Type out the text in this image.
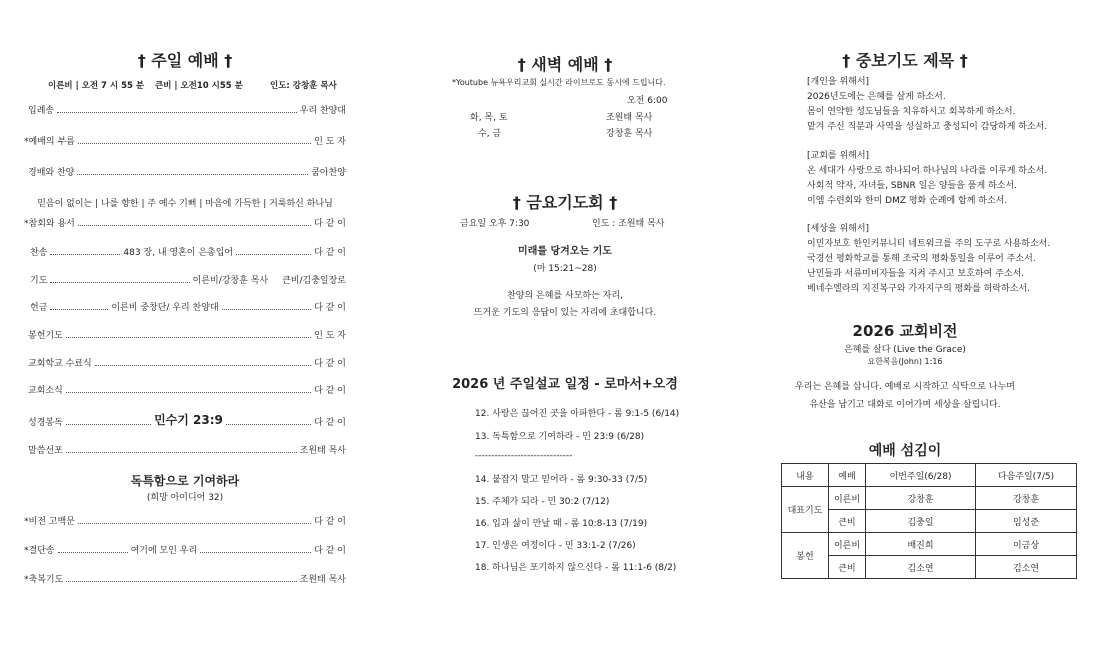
† 주일 예배 †
이른비 | 오전 7 시 55 분 큰비 | 오전10 시55 분	인도: 강창훈 목사
입례송	우리 찬양대
*예배의 부름	인 도 자
경배와 찬양	쿰아찬양
믿음이 없이는 | 나를 향한 | 주 예수 기뻐 | 마음에 가득한 | 거룩하신 하나님
*참회와 용서	다 같 이
찬송	483 장, 내 영혼이 은총입어	다 같 이
기도	이른비/강창훈 목사 큰비/김충일장로
헌금	이른비 중창단/ 우리 찬양대	다 같 이
봉헌기도	인 도 자
교회학교 수료식	다 같 이
교회소식	다 같 이
성경봉독	민수기 23:9	다 같 이
말씀선포	조원태 목사
독특함으로 기여하라
(희망 아이디어 32)
*비전 고백문	다 같 이
*결단송	여기에 모인 우리	다 같 이
*축복기도	조원태 목사
† 새벽 예배 †
*Youtube 뉴욕우리교회 실시간 라이브로도 동시에 드립니다.
오전 6:00
화, 목, 토	조원태 목사
수, 금	강창훈 목사
† 금요기도회 †
금요일 오후 7:30	인도 : 조원태 목사
미래를 당겨오는 기도
(마 15:21~28)
찬양의 은혜를 사모하는 자리,
뜨거운 기도의 응답이 있는 자리에 초대합니다.
2026 년 주일설교 일정 - 로마서+오경
12. 사랑은 끊어진 곳을 아파한다 - 롬 9:1-5 (6/14)
13. 독특함으로 기여하라 - 민 23:9 (6/28)
------------------------------
14. 붙잡지 말고 믿어라 - 롬 9:30-33 (7/5)
15. 주체가 되라 - 민 30:2 (7/12)
16. 입과 삶이 만날 때 - 롬 10:8-13 (7/19)
17. 인생은 여정이다 - 민 33:1-2 (7/26)
18. 하나님은 포기하지 않으신다 - 롬 11:1-6 (8/2)
† 중보기도 제목 †
[개인을 위해서]
2026년도에는 은혜를 살게 하소서.
몸이 연약한 성도님들을 치유하시고 회복하게 하소서.
맡겨 주신 직분과 사역을 성실하고 충성되이 감당하게 하소서.
[교회를 위해서]
온 세대가 사랑으로 하나되어 하나님의 나라를 이루게 하소서.
사회적 약자, 자녀들, SBNR 일은 양들을 품게 하소서.
이엠 수련회와 한미 DMZ 평화 순례에 함께 하소서.
[세상을 위해서]
이민자보호 한인커뮤니티 네트워크를 주의 도구로 사용하소서.
국경선 평화학교를 통해 조국의 평화통일을 이루어 주소서.
난민들과 서류미비자들을 지켜 주시고 보호하여 주소서.
베네수엘라의 지진복구와 가자지구의 평화를 허락하소서.
2026 교회비전
은혜를 살다 (Live the Grace)
요한복음(John) 1:16
우리는 은혜를 삽니다. 예배로 시작하고 식탁으로 나누며
유산을 남기고 대화로 이어가며 세상을 살립니다.
예배 섬김이
내용	예배	이번주일(6/28)	다음주일(7/5)
대표기도	이른비	강창훈	강창훈
	큰비	김충일	임성준
봉헌	이른비	배진희	이금상
	큰비	김소연	김소연
